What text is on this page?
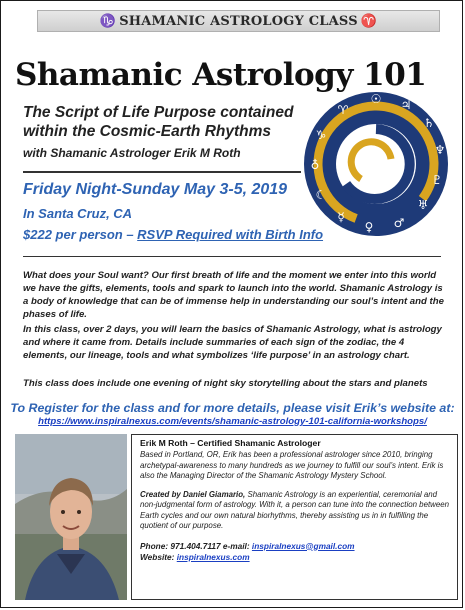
♑ SHAMANIC ASTROLOGY CLASS ♈
Shamanic Astrology 101
The Script of Life Purpose contained within the Cosmic-Earth Rhythms
with Shamanic Astrologer Erik M Roth
☉ ♃
♄
♆
♇
♅
♂
♀
☿
☾
♁
♑
♈
Friday Night-Sunday May 3-5, 2019
In Santa Cruz, CA
$222 per person – RSVP Required with Birth Info
What does your Soul want? Our first breath of life and the moment we enter into this world we have the gifts, elements, tools and spark to launch into the world. Shamanic Astrology is a body of knowledge that can be of immense help in understanding our soul’s intent and the phases of life.
In this class, over 2 days, you will learn the basics of Shamanic Astrology, what is astrology and where it came from. Details include summaries of each sign of the zodiac, the 4 elements, our lineage, tools and what symbolizes ‘life purpose’ in an astrology chart.
This class does include one evening of night sky storytelling about the stars and planets
To Register for the class and for more details, please visit Erik’s website at:
https://www.inspiralnexus.com/events/shamanic-astrology-101-california-workshops/
Erik M Roth – Certified Shamanic Astrologer
Based in Portland, OR, Erik has been a professional astrologer since 2010, bringing archetypal-awareness to many hundreds as we journey to fulfill our soul’s intent. Erik is also the Managing Director of the Shamanic Astrology Mystery School.
Created by Daniel Giamario, Shamanic Astrology is an experiential, ceremonial and non-judgmental form of astrology. With it, a person can tune into the connection between Earth cycles and our own natural biorhythms, thereby assisting us in in fulfilling the quotient of our purpose.
Phone: 971.404.7117 e-mail: inspiralnexus@gmail.com
Website: inspiralnexus.com
